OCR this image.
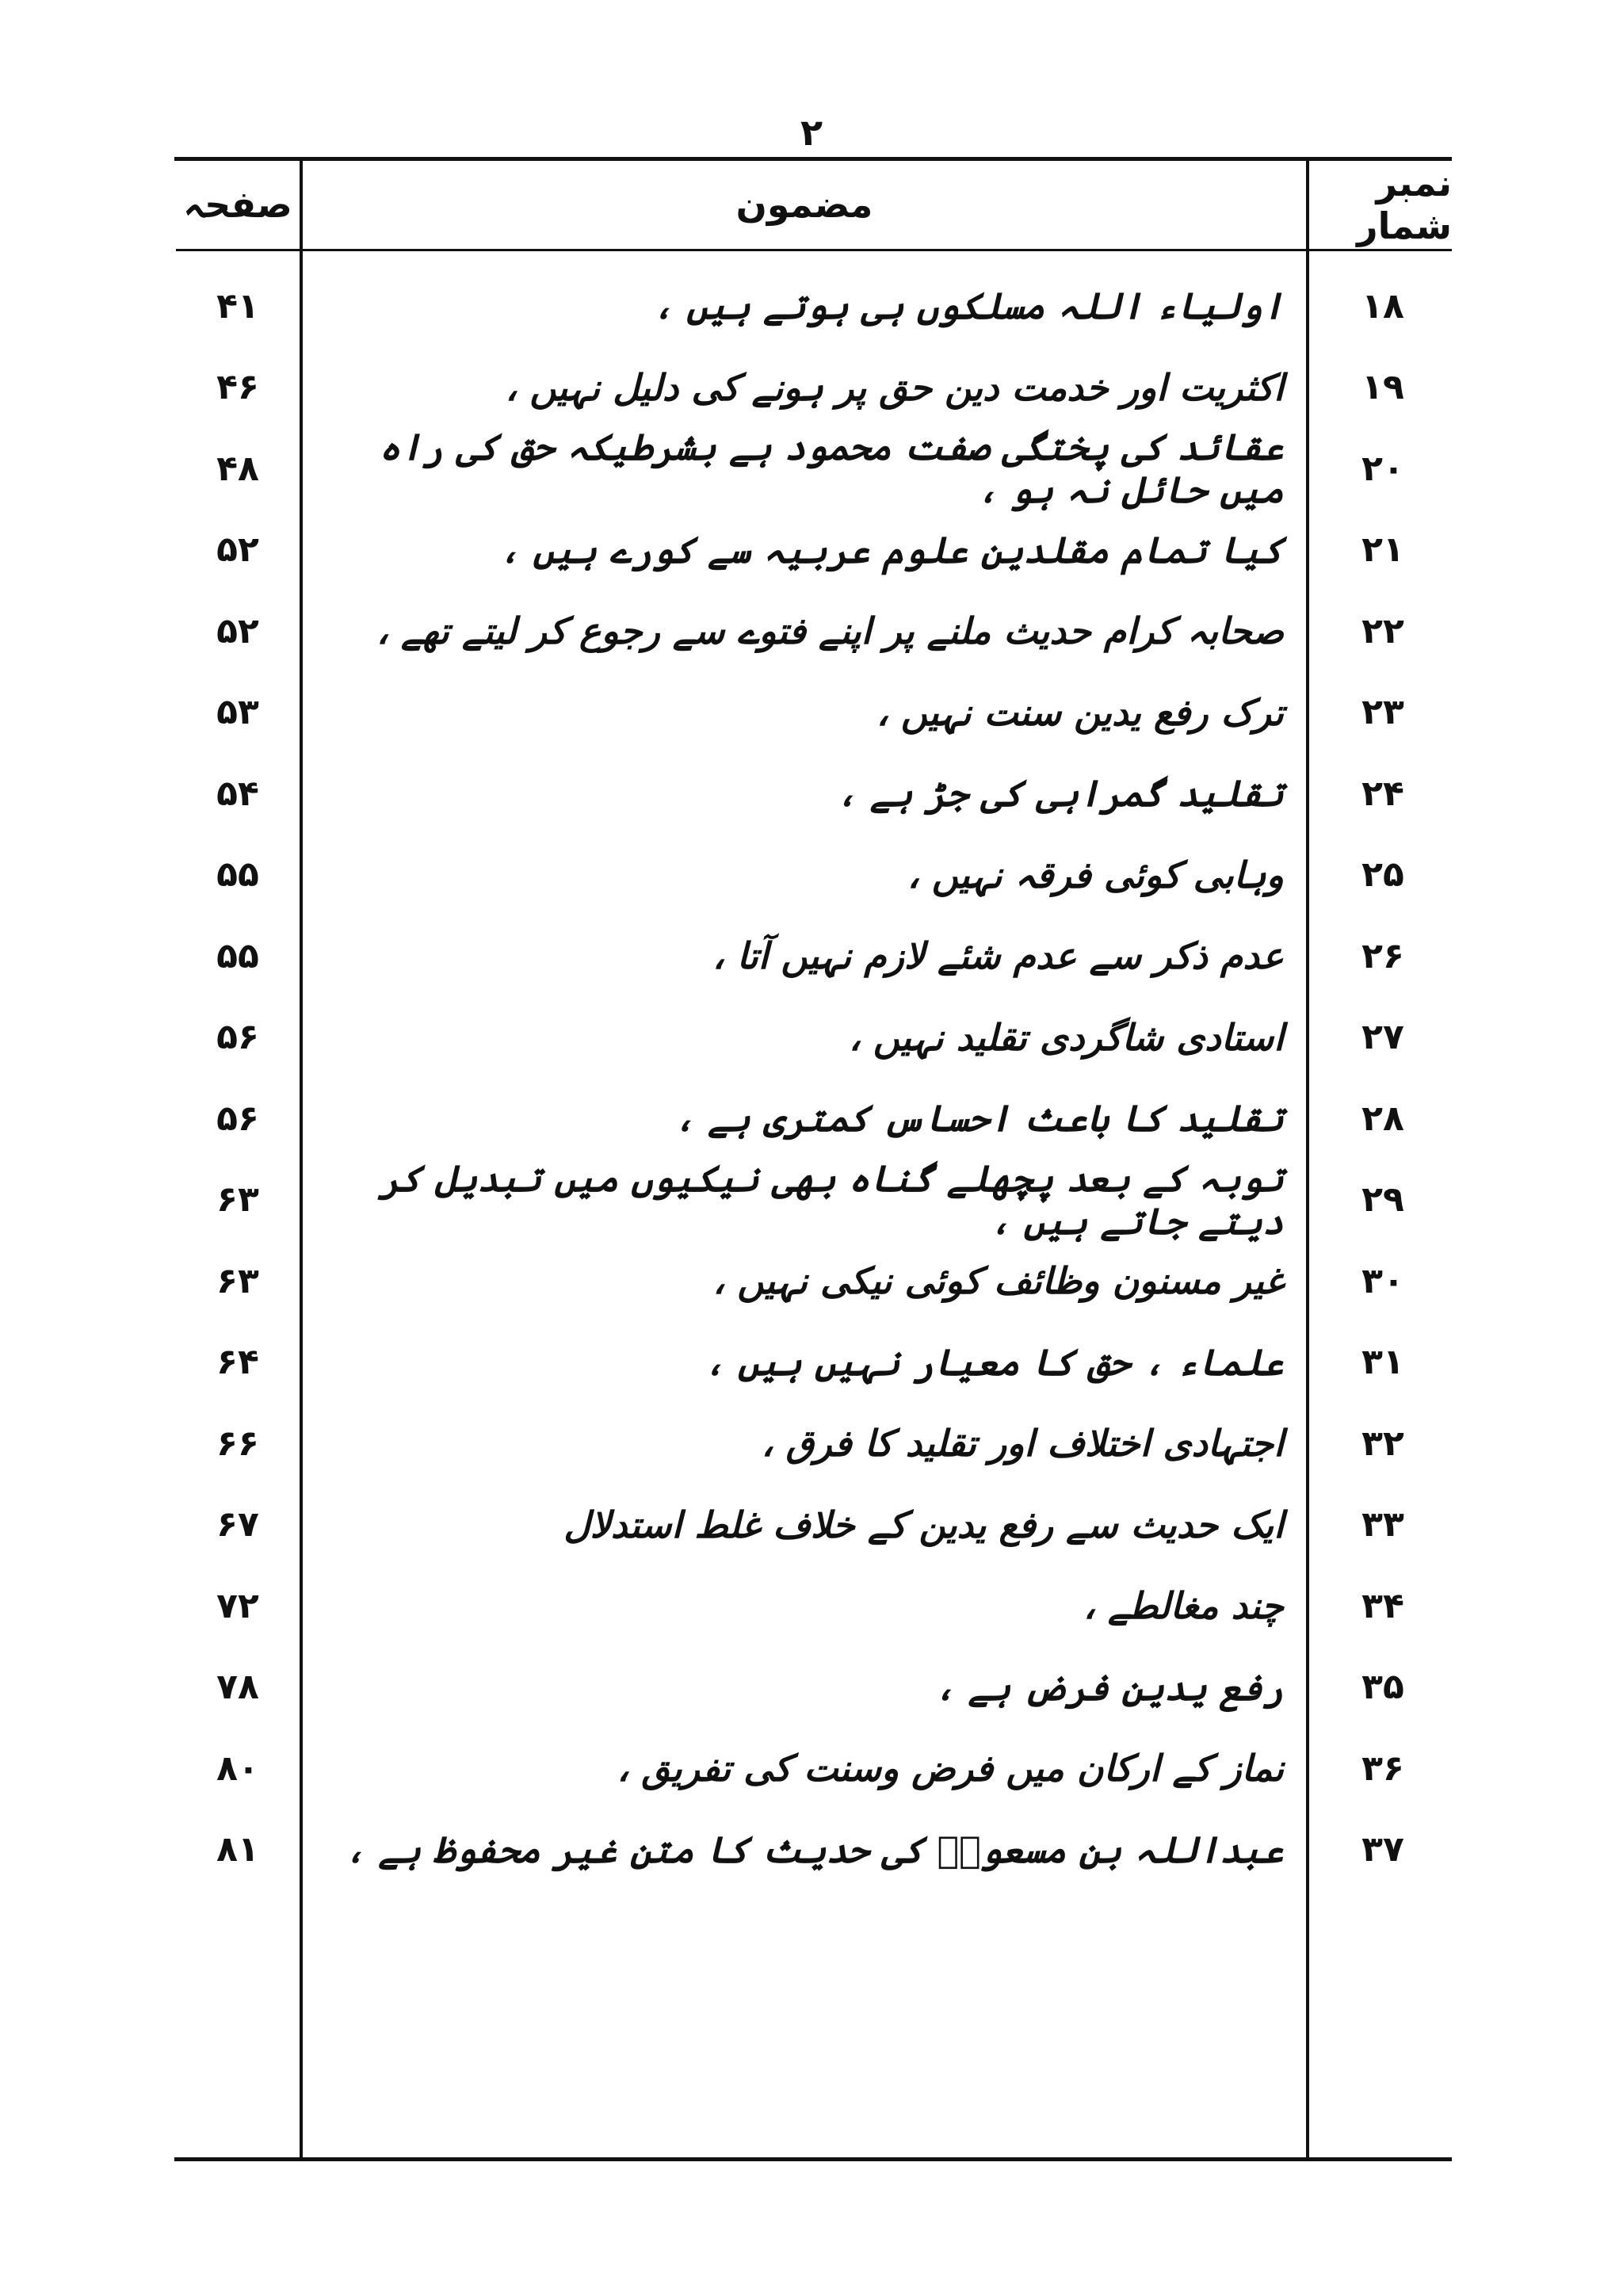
۲
صفحہ	مضمون	نمبر شمار
۴۱	اولیاء اللہ مسلکوں ہی ہوتے ہیں ،	۱۸
۴۶	اکثریت اور خدمت دین حق پر ہونے کی دلیل نہیں ،	۱۹
۴۸	عقائد کی پختگی صفت محمود ہے بشرطیکہ حق کی راہ میں حائل نہ ہو ،	۲۰
۵۲	کیا تمام مقلدین علوم عربیہ سے کورے ہیں ،	۲۱
۵۲	صحابہ کرام حدیث ملنے پر اپنے فتوے سے رجوع کر لیتے تھے ،	۲۲
۵۳	ترک رفع یدین سنت نہیں ،	۲۳
۵۴	تقلید گمراہی کی جڑ ہے ،	۲۴
۵۵	وہابی کوئی فرقہ نہیں ،	۲۵
۵۵	عدم ذکر سے عدم شئے لازم نہیں آتا ،	۲۶
۵۶	استادی شاگردی تقلید نہیں ،	۲۷
۵۶	تقلید کا باعث احساس کمتری ہے ،	۲۸
۶۳	توبہ کے بعد پچھلے گناہ بھی نیکیوں میں تبدیل کر دیتے جاتے ہیں ،	۲۹
۶۳	غیر مسنون وظائف کوئی نیکی نہیں ،	۳۰
۶۴	علماء ، حق کا معیار نہیں ہیں ،	۳۱
۶۶	اجتہادی اختلاف اور تقلید کا فرق ،	۳۲
۶۷	ایک حدیث سے رفع یدین کے خلاف غلط استدلال	۳۳
۷۲	چند مغالطے ،	۳۴
۷۸	رفع یدین فرض ہے ،	۳۵
۸۰	نماز کے ارکان میں فرض وسنت کی تفریق ،	۳۶
۸۱	عبداللہ بن مسعودؓ کی حدیث کا متن غیر محفوظ ہے ،	۳۷
